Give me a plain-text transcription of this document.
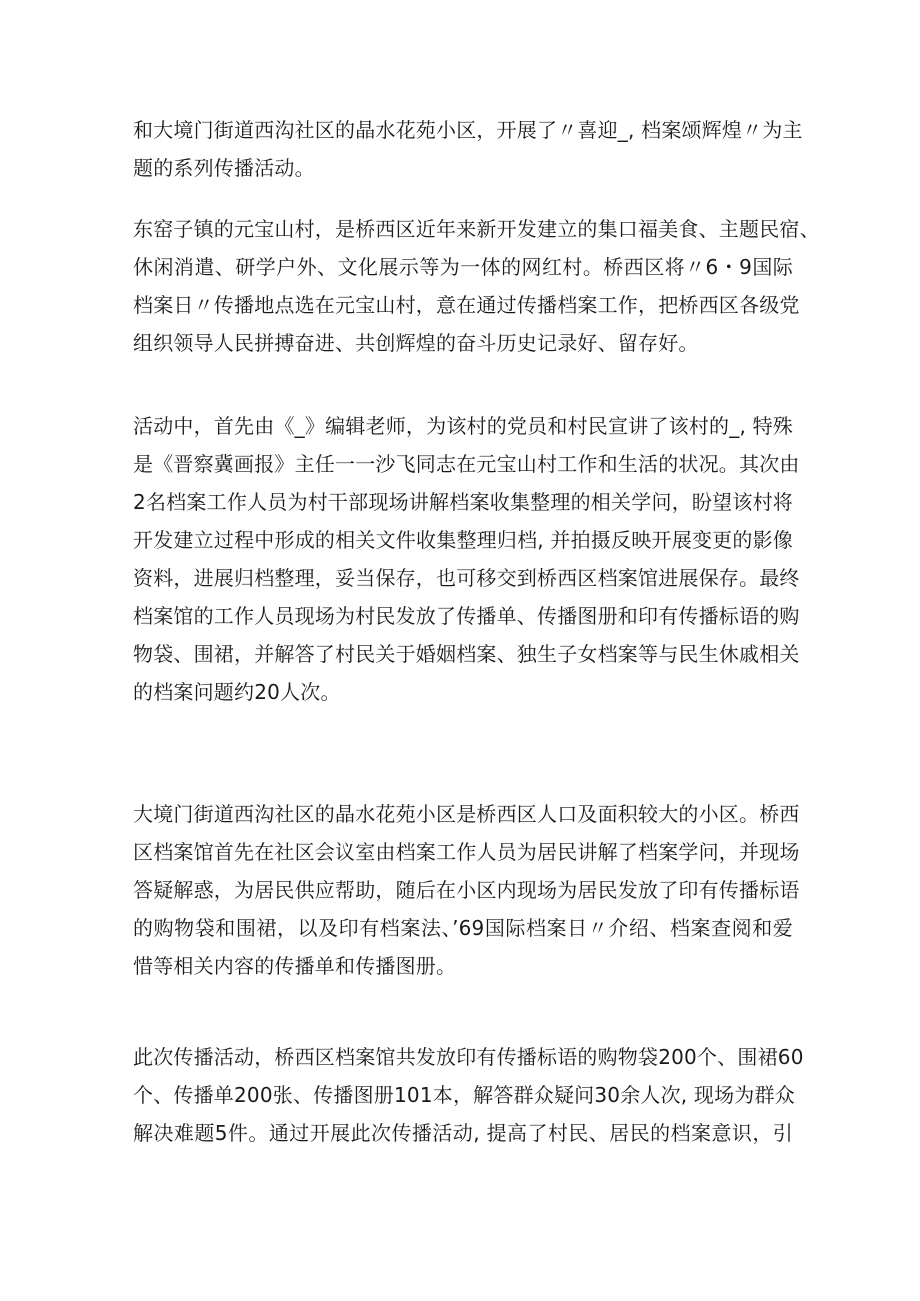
和大境门街道西沟社区的晶水花苑小区，开展了〃喜迎_, 档案颂辉煌〃为主
题的系列传播活动。
东窑子镇的元宝山村，是桥西区近年来新开发建立的集口福美食、主题民宿、
休闲消遣、研学户外、文化展示等为一体的网红村。桥西区将〃6・9国际
档案日〃传播地点选在元宝山村，意在通过传播档案工作，把桥西区各级党
组织领导人民拼搏奋进、共创辉煌的奋斗历史记录好、留存好。
活动中，首先由《_》编辑老师，为该村的党员和村民宣讲了该村的_, 特殊
是《晋察冀画报》主任一一沙飞同志在元宝山村工作和生活的状况。其次由
2名档案工作人员为村干部现场讲解档案收集整理的相关学问，盼望该村将
开发建立过程中形成的相关文件收集整理归档, 并拍摄反映开展变更的影像
资料，进展归档整理，妥当保存，也可移交到桥西区档案馆进展保存。最终
档案馆的工作人员现场为村民发放了传播单、传播图册和印有传播标语的购
物袋、围裙，并解答了村民关于婚姻档案、独生子女档案等与民生休戚相关
的档案问题约20人次。
大境门街道西沟社区的晶水花苑小区是桥西区人口及面积较大的小区。桥西
区档案馆首先在社区会议室由档案工作人员为居民讲解了档案学问，并现场
答疑解惑，为居民供应帮助，随后在小区内现场为居民发放了印有传播标语
的购物袋和围裙，以及印有档案法、’69国际档案日〃介绍、档案查阅和爱
惜等相关内容的传播单和传播图册。
此次传播活动，桥西区档案馆共发放印有传播标语的购物袋200个、围裙60
个、传播单200张、传播图册101本，解答群众疑问30余人次, 现场为群众
解决难题5件。通过开展此次传播活动, 提高了村民、居民的档案意识，引
